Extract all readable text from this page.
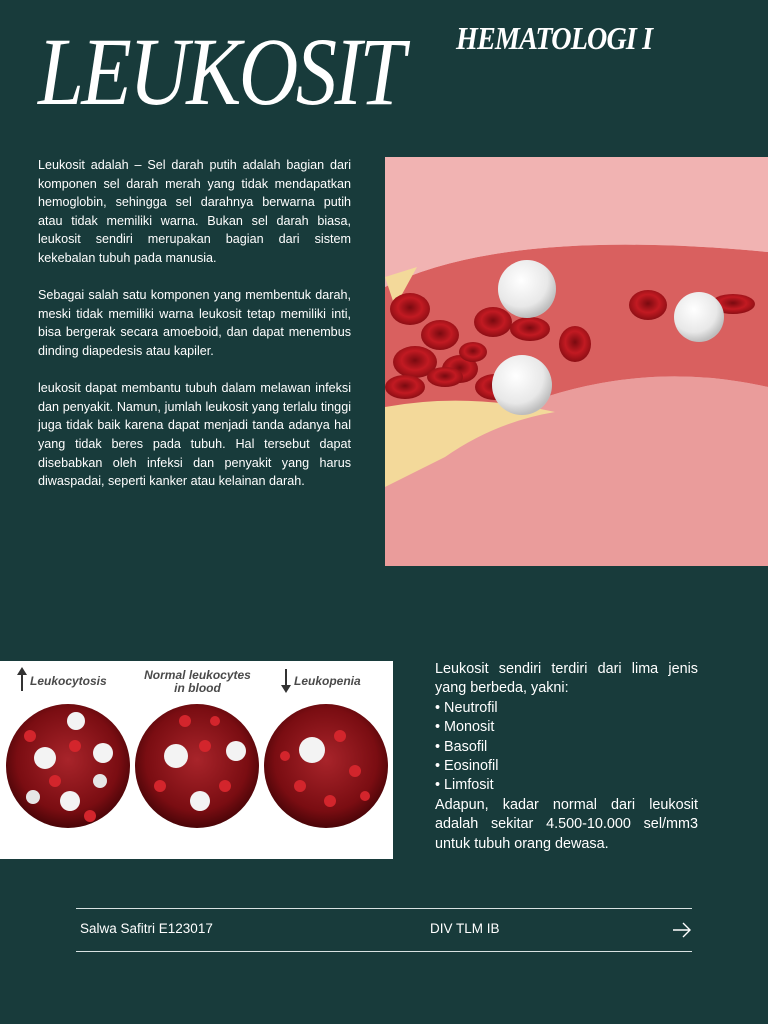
LEUKOSIT HEMATOLOGI I

Leukosit adalah – Sel darah putih adalah bagian dari komponen sel darah merah yang tidak mendapatkan hemoglobin, sehingga sel darahnya berwarna putih atau tidak memiliki warna. Bukan sel darah biasa, leukosit sendiri merupakan bagian dari sistem kekebalan tubuh pada manusia.

Sebagai salah satu komponen yang membentuk darah, meski tidak memiliki warna leukosit tetap memiliki inti, bisa bergerak secara amoeboid, dan dapat menembus dinding diapedesis atau kapiler.

leukosit dapat membantu tubuh dalam melawan infeksi dan penyakit. Namun, jumlah leukosit yang terlalu tinggi juga tidak baik karena dapat menjadi tanda adanya hal yang tidak beres pada tubuh. Hal tersebut dapat disebabkan oleh infeksi dan penyakit yang harus diwaspadai, seperti kanker atau kelainan darah.

Leukocytosis	Normal leukocytes
in blood	Leukopenia

Leukosit sendiri terdiri dari lima jenis yang berbeda, yakni:

• Neutrofil
• Monosit
• Basofil
• Eosinofil
• Limfosit

Adapun, kadar normal dari leukosit adalah sekitar 4.500-10.000 sel/mm3 untuk tubuh orang dewasa.

Salwa Safitri E123017	DIV TLM IB
